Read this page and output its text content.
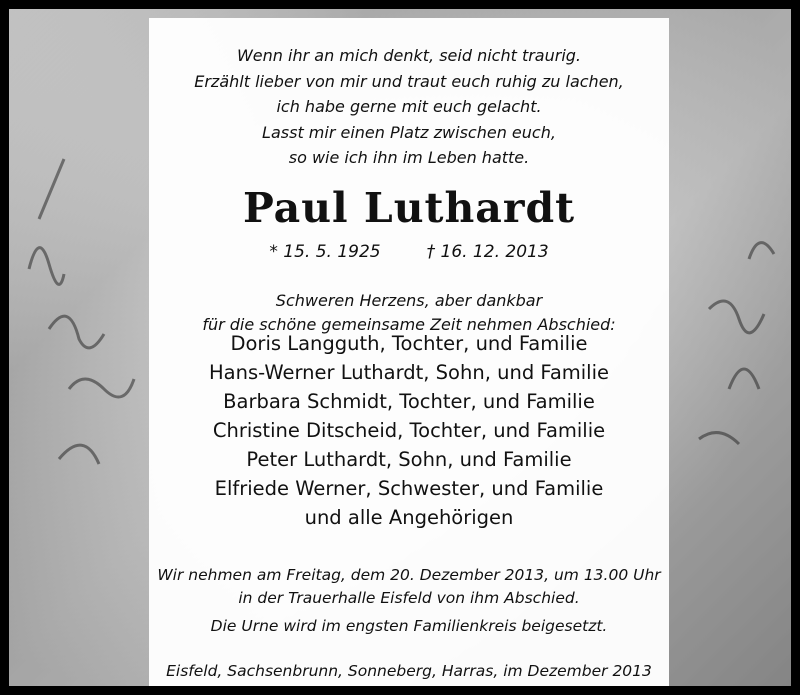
Wenn ihr an mich denkt, seid nicht traurig.
Erzählt lieber von mir und traut euch ruhig zu lachen,
ich habe gerne mit euch gelacht.
Lasst mir einen Platz zwischen euch,
so wie ich ihn im Leben hatte.
Paul Luthardt
* 15. 5. 1925	† 16. 12. 2013
Schweren Herzens, aber dankbar
für die schöne gemeinsame Zeit nehmen Abschied:
Doris Langguth, Tochter, und Familie
Hans-Werner Luthardt, Sohn, und Familie
Barbara Schmidt, Tochter, und Familie
Christine Ditscheid, Tochter, und Familie
Peter Luthardt, Sohn, und Familie
Elfriede Werner, Schwester, und Familie
und alle Angehörigen
Wir nehmen am Freitag, dem 20. Dezember 2013, um 13.00 Uhr
in der Trauerhalle Eisfeld von ihm Abschied.
Die Urne wird im engsten Familienkreis beigesetzt.
Eisfeld, Sachsenbrunn, Sonneberg, Harras, im Dezember 2013
